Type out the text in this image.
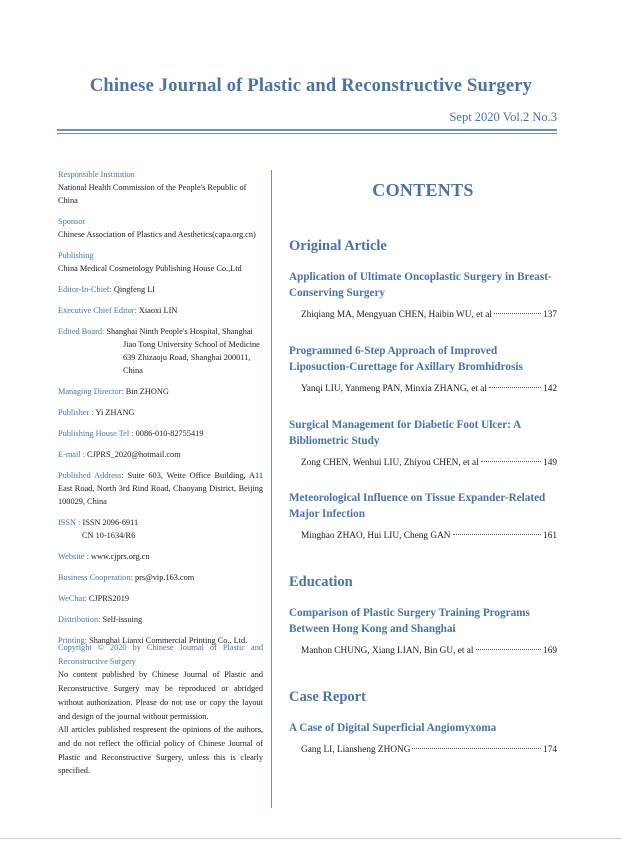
Chinese Journal of Plastic and Reconstructive Surgery
Sept 2020 Vol.2 No.3
Responsible Institution
National Health Commission of the People's Republic of China
Sponsor
Chinese Association of Plastics and Aesthetics(capa.org.cn)
Publishing
China Medical Cosmetology Publishing House Co.,Ltd
Editor-In-Chief: Qingfeng LI
Executive Chief Editor: Xiaoxi LIN
Edited Board: Shanghai Ninth People's Hospital, Shanghai
Jiao Tong University School of Medicine
639 Zhizaoju Road, Shanghai 200011, China
Managing Director: Bin ZHONG
Publisher : Yi ZHANG
Publishing House Tel : 0086-010-82755419
E-mail : CJPRS_2020@hotmail.com
Published Address: Suite 603, Weite Office Building, A11 East Road, North 3rd Rind Road, Chaoyang District, Beijing 100029, China
ISSN : ISSN 2096-6911
CN 10-1634/R6
Website : www.cjprs.org.cn
Business Cooperation: prs@vip.163.com
WeChat: CJPRS2019
Distribution: Self-issuing
Printing: Shanghai Lianxi Commercial Printing Co., Ltd.
Copyright © 2020 by Chinese Journal of Plastic and Reconstructive Surgery
No content published by Chinese Journal of Plastic and Reconstructive Surgery may be reproduced or abridged without authorization. Please do not use or copy the layout and design of the journal without permission.
All articles published respresent the opinions of the authors, and do not reflect the official policy of Chinese Journal of Plastic and Reconstructive Surgery, unless this is clearly specified.
CONTENTS
Original Article
Application of Ultimate Oncoplastic Surgery in Breast-Conserving Surgery
Zhiqiang MA, Mengyuan CHEN, Haibin WU, et al	137
Programmed 6-Step Approach of Improved Liposuction-Curettage for Axillary Bromhidrosis
Yanqi LIU, Yanmeng PAN, Minxia ZHANG, et al	142
Surgical Management for Diabetic Foot Ulcer: A Bibliometric Study
Zong CHEN, Wenhui LIU, Zhiyou CHEN, et al	149
Meteorological Influence on Tissue Expander-Related Major Infection
Minghao ZHAO, Hui LIU, Cheng GAN	161
Education
Comparison of Plastic Surgery Training Programs Between Hong Kong and Shanghai
Manhon CHUNG, Xiang LIAN, Bin GU, et al	169
Case Report
A Case of Digital Superficial Angiomyxoma
Gang LI, Liansheng ZHONG	174
